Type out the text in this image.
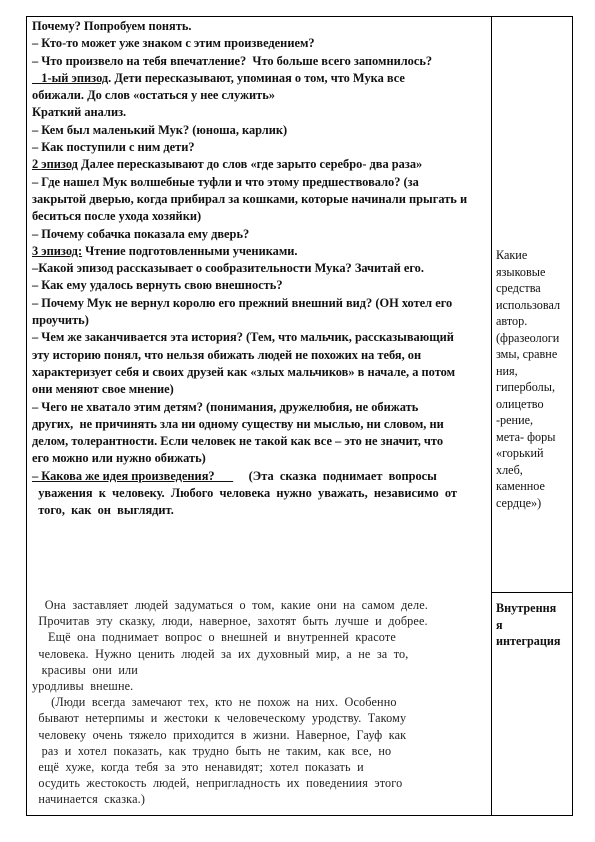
Почему? Попробуем понять.

– Кто-то может уже знаком с этим произведением?

– Что произвело на тебя впечатление?  Что больше всего запомнилось?

1-ый эпизод. Дети пересказывают, упоминая о том, что Мука все

обижали. До слов «остаться у нее служить»

Краткий анализ.

– Кем был маленький Мук? (юноша, карлик)

– Как поступили с ним дети?

2 эпизод Далее пересказывают до слов «где зарыто серебро- два раза»

– Где нашел Мук волшебные туфли и что этому предшествовало? (за

закрытой дверью, когда прибирал за кошками, которые начинали прыгать и

беситься после ухода хозяйки)

– Почему собачка показала ему дверь?

3 эпизод: Чтение подготовленными учениками.

–Какой эпизод рассказывает о сообразительности Мука? Зачитай его.

– Как ему удалось вернуть свою внешность?

– Почему Мук не вернул королю его прежний внешний вид? (ОН хотел его

проучить)

– Чем же заканчивается эта история? (Тем, что мальчик, рассказывающий

эту историю понял, что нельзя обижать людей не похожих на тебя, он

характеризует себя и своих друзей как «злых мальчиков» в начале, а потом

они меняют свое мнение)

– Чего не хватало этим детям? (понимания, дружелюбия, не обижать

других,  не причинять зла ни одному существу ни мыслью, ни словом, ни

делом, толерантности. Если человек не такой как все – это не значит, что

его можно или нужно обижать)

– Какова же идея произведения?           (Эта  сказка  поднимает  вопросы

уважения  к  человеку.  Любого  человека  нужно  уважать,  независимо  от

того,  как  он  выглядит.

Она  заставляет  людей  задуматься  о  том,  какие  они  на  самом  деле.

Прочитав  эту  сказку,  люди,  наверное,  захотят  быть  лучше  и  добрее.

Ещё  она  поднимает  вопрос  о  внешней  и  внутренней  красоте

человека.  Нужно  ценить  людей  за  их  духовный  мир,  а  не  за  то,

красивы  они  или

уродливы  внешне.

(Люди  всегда  замечают  тех,  кто  не  похож  на  них.  Особенно

бывают  нетерпимы  и  жестоки  к  человеческому  уродству.  Такому

человеку  очень  тяжело  приходится  в  жизни.  Наверное,  Гауф  как

раз  и  хотел  показать,  как  трудно  быть  не  таким,  как  все,  но

ещё  хуже,  когда  тебя  за  это  ненавидят;  хотел  показать  и

осудить  жестокость  людей,  непригладность  их  поведениия  этого

начинается  сказка.)

Какие

языковые

средства

использовал

автор.

(фразеологи

змы, сравне

ния,

гиперболы,

олицетво

-рение,

мета- форы

«горький

хлеб,

каменное

сердце»)

Внутрення

я

интеграция
